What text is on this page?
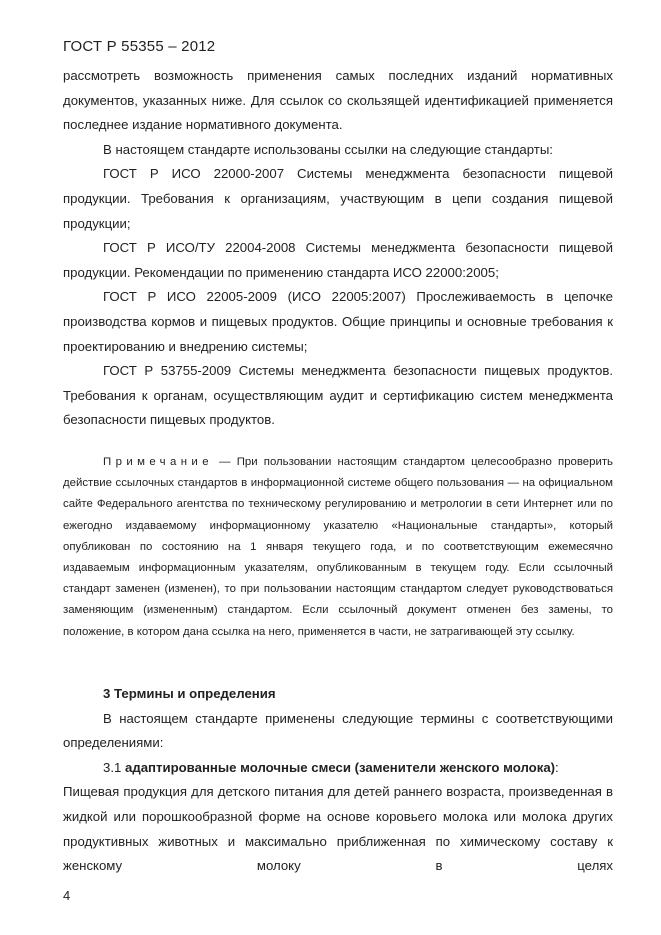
ГОСТ Р 55355 – 2012

рассмотреть возможность применения самых последних изданий нормативных документов, указанных ниже. Для ссылок со скользящей идентификацией применяется последнее издание нормативного документа.

В настоящем стандарте использованы ссылки на следующие стандарты:

ГОСТ Р ИСО 22000-2007 Системы менеджмента безопасности пищевой продукции. Требования к организациям, участвующим в цепи создания пищевой продукции;

ГОСТ Р ИСО/ТУ 22004-2008 Системы менеджмента безопасности пищевой продукции. Рекомендации по применению стандарта ИСО 22000:2005;

ГОСТ Р ИСО 22005-2009 (ИСО 22005:2007) Прослеживаемость в цепочке производства кормов и пищевых продуктов. Общие принципы и основные требования к проектированию и внедрению системы;

ГОСТ Р 53755-2009 Системы менеджмента безопасности пищевых продуктов. Требования к органам, осуществляющим аудит и сертификацию систем менеджмента безопасности пищевых продуктов.

Примечание — При пользовании настоящим стандартом целесообразно проверить действие ссылочных стандартов в информационной системе общего пользования — на официальном сайте Федерального агентства по техническому регулированию и метрологии в сети Интернет или по ежегодно издаваемому информационному указателю «Национальные стандарты», который опубликован по состоянию на 1 января текущего года, и по соответствующим ежемесячно издаваемым информационным указателям, опубликованным в текущем году. Если ссылочный стандарт заменен (изменен), то при пользовании настоящим стандартом следует руководствоваться заменяющим (измененным) стандартом. Если ссылочный документ отменен без замены, то положение, в котором дана ссылка на него, применяется в части, не затрагивающей эту ссылку.

3 Термины и определения

В настоящем стандарте применены следующие термины с соответствующими определениями:

3.1 адаптированные молочные смеси (заменители женского молока):

Пищевая продукция для детского питания для детей раннего возраста, произведенная в жидкой или порошкообразной форме на основе коровьего молока или молока других продуктивных животных и максимально приближенная по химическому составу к женскому молоку в целях

4
